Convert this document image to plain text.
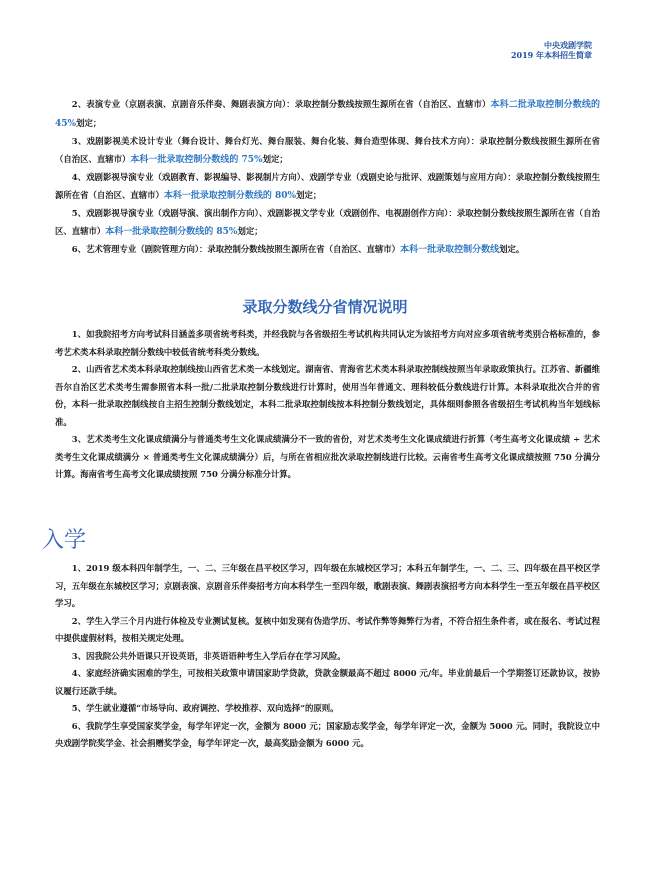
中央戏剧学院
2019 年本科招生简章

2、表演专业（京剧表演、京剧音乐伴奏、舞剧表演方向）：录取控制分数线按照生源所在省（自治区、直辖市）本科二批录取控制分数线的 45%划定；

3、戏剧影视美术设计专业（舞台设计、舞台灯光、舞台服装、舞台化装、舞台造型体现、舞台技术方向）：录取控制分数线按照生源所在省（自治区、直辖市）本科一批录取控制分数线的 75%划定；

4、戏剧影视导演专业（戏剧教育、影视编导、影视制片方向）、戏剧学专业（戏剧史论与批评、戏剧策划与应用方向）：录取控制分数线按照生源所在省（自治区、直辖市）本科一批录取控制分数线的 80%划定；

5、戏剧影视导演专业（戏剧导演、演出制作方向）、戏剧影视文学专业（戏剧创作、电视剧创作方向）：录取控制分数线按照生源所在省（自治区、直辖市）本科一批录取控制分数线的 85%划定；

6、艺术管理专业（剧院管理方向）：录取控制分数线按照生源所在省（自治区、直辖市）本科一批录取控制分数线划定。

录取分数线分省情况说明

1、如我院招考方向考试科目涵盖多项省统考科类，并经我院与各省级招生考试机构共同认定为该招考方向对应多项省统考类别合格标准的，参考艺术类本科录取控制分数线中较低省统考科类分数线。

2、山西省艺术类本科录取控制线按山西省艺术类一本线划定。湖南省、青海省艺术类本科录取控制线按照当年录取政策执行。江苏省、新疆维吾尔自治区艺术类考生需参照省本科一批/二批录取控制分数线进行计算时，使用当年普通文、理科较低分数线进行计算。本科录取批次合并的省份，本科一批录取控制线按自主招生控制分数线划定，本科二批录取控制线按本科控制分数线划定，具体细则参照各省级招生考试机构当年划线标准。

3、艺术类考生文化课成绩满分与普通类考生文化课成绩满分不一致的省份，对艺术类考生文化课成绩进行折算（考生高考文化课成绩 ÷ 艺术类考生文化课成绩满分 × 普通类考生文化课成绩满分）后，与所在省相应批次录取控制线进行比较。云南省考生高考文化课成绩按照 750 分满分计算。海南省考生高考文化课成绩按照 750 分满分标准分计算。

入学

1、2019 级本科四年制学生，一、二、三年级在昌平校区学习，四年级在东城校区学习；本科五年制学生，一、二、三、四年级在昌平校区学习，五年级在东城校区学习；京剧表演、京剧音乐伴奏招考方向本科学生一至四年级，歌剧表演、舞剧表演招考方向本科学生一至五年级在昌平校区学习。

2、学生入学三个月内进行体检及专业测试复核。复核中如发现有伪造学历、考试作弊等舞弊行为者，不符合招生条件者，或在报名、考试过程中提供虚假材料，按相关规定处理。

3、因我院公共外语课只开设英语，非英语语种考生入学后存在学习风险。

4、家庭经济确实困难的学生，可按相关政策申请国家助学贷款，贷款金额最高不超过 8000 元/年。毕业前最后一个学期签订还款协议，按协议履行还款手续。

5、学生就业遵循“市场导向、政府调控、学校推荐、双向选择”的原则。

6、我院学生享受国家奖学金，每学年评定一次，金额为 8000 元；国家励志奖学金，每学年评定一次，金额为 5000 元。同时，我院设立中央戏剧学院奖学金、社会捐赠奖学金，每学年评定一次，最高奖励金额为 6000 元。
